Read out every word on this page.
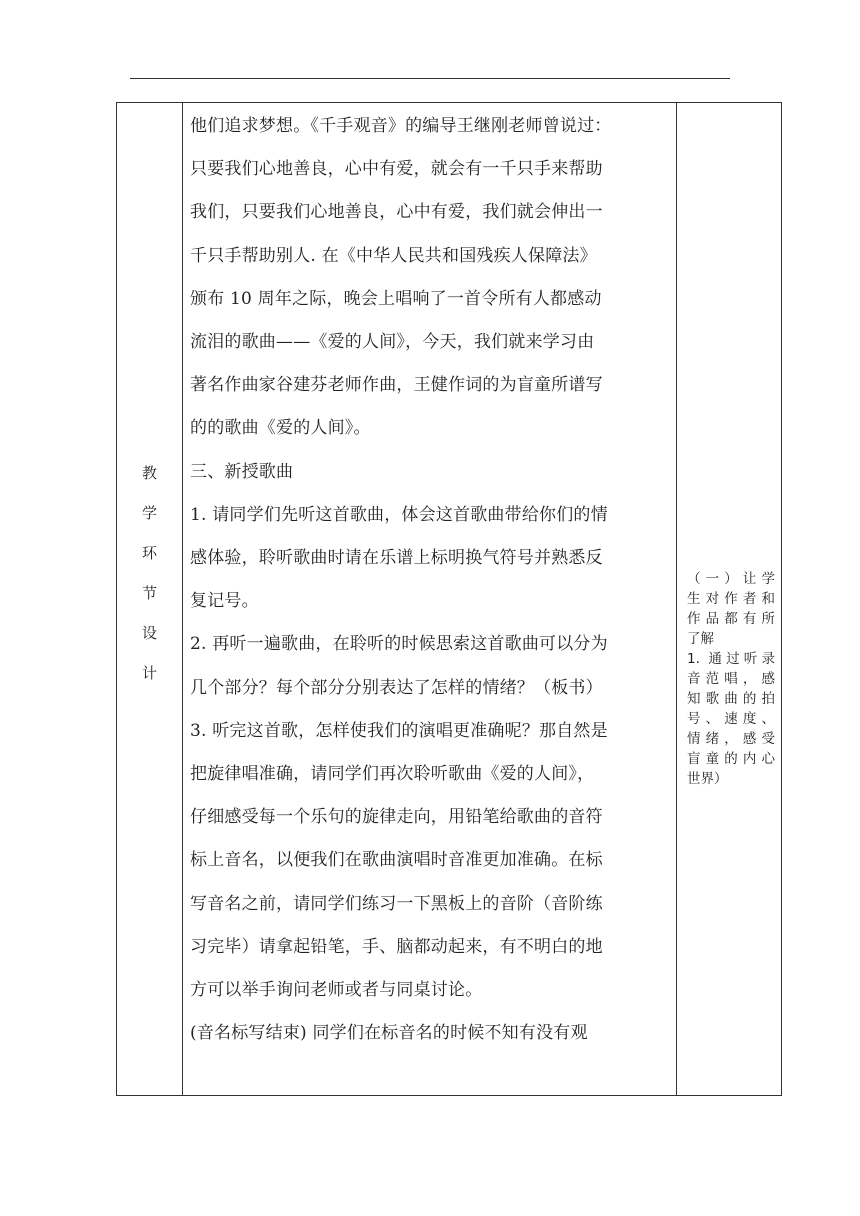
教
学
环
节
设
计

他们追求梦想。《千手观音》的编导王继刚老师曾说过：

只要我们心地善良，心中有爱，就会有一千只手来帮助

我们，只要我们心地善良，心中有爱，我们就会伸出一

千只手帮助别人. 在《中华人民共和国残疾人保障法》

颁布 10 周年之际，晚会上唱响了一首令所有人都感动

流泪的歌曲——《爱的人间》，今天，我们就来学习由

著名作曲家谷建芬老师作曲，王健作词的为盲童所谱写

的的歌曲《爱的人间》。

三、新授歌曲

1. 请同学们先听这首歌曲，体会这首歌曲带给你们的情

感体验，聆听歌曲时请在乐谱上标明换气符号并熟悉反

复记号。

2. 再听一遍歌曲，在聆听的时候思索这首歌曲可以分为

几个部分？每个部分分别表达了怎样的情绪？（板书）

3. 听完这首歌，怎样使我们的演唱更准确呢？那自然是

把旋律唱准确，请同学们再次聆听歌曲《爱的人间》，

仔细感受每一个乐句的旋律走向，用铅笔给歌曲的音符

标上音名，以便我们在歌曲演唱时音准更加准确。在标

写音名之前，请同学们练习一下黑板上的音阶（音阶练

习完毕）请拿起铅笔，手、脑都动起来，有不明白的地

方可以举手询问老师或者与同桌讨论。

(音名标写结束) 同学们在标音名的时候不知有没有观

（一）让学

生对作者和

作品都有所

了解

1. 通过听录

音范唱，感

知歌曲的拍

号、速度、

情绪，感受

盲童的内心

世界）
